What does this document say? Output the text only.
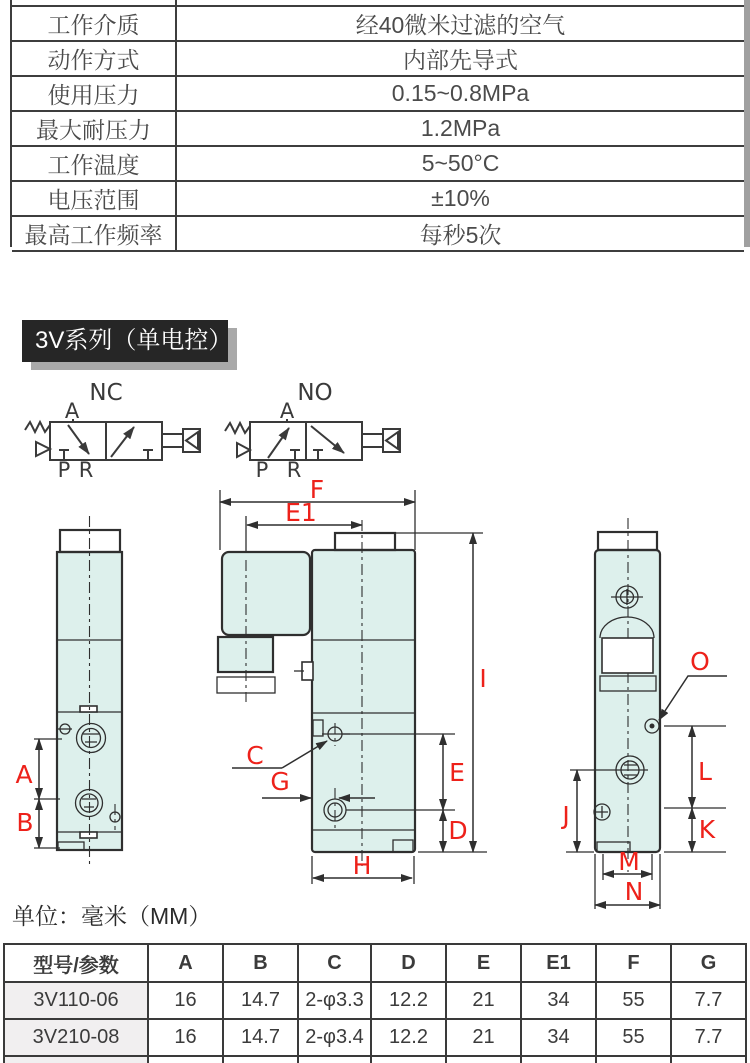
工作介质	经40微米过滤的空气
动作方式	内部先导式
使用压力	0.15~0.8MPa
最大耐压力	1.2MPa
工作温度	5~50°C
电压范围	±10%
最高工作频率	每秒5次
3V系列（单电控）
NC
A
P R
NO
A
P R
A
B
F
E1
C
G	E
D
I
H
O
L
K
J
M
N
单位：毫米（MM）
型号/参数	A	B	C	D	E	E1	F	G
3V110-06	16	14.7	2-φ3.3	12.2	21	34	55	7.7
3V210-08	16	14.7	2-φ3.4	12.2	21	34	55	7.7
